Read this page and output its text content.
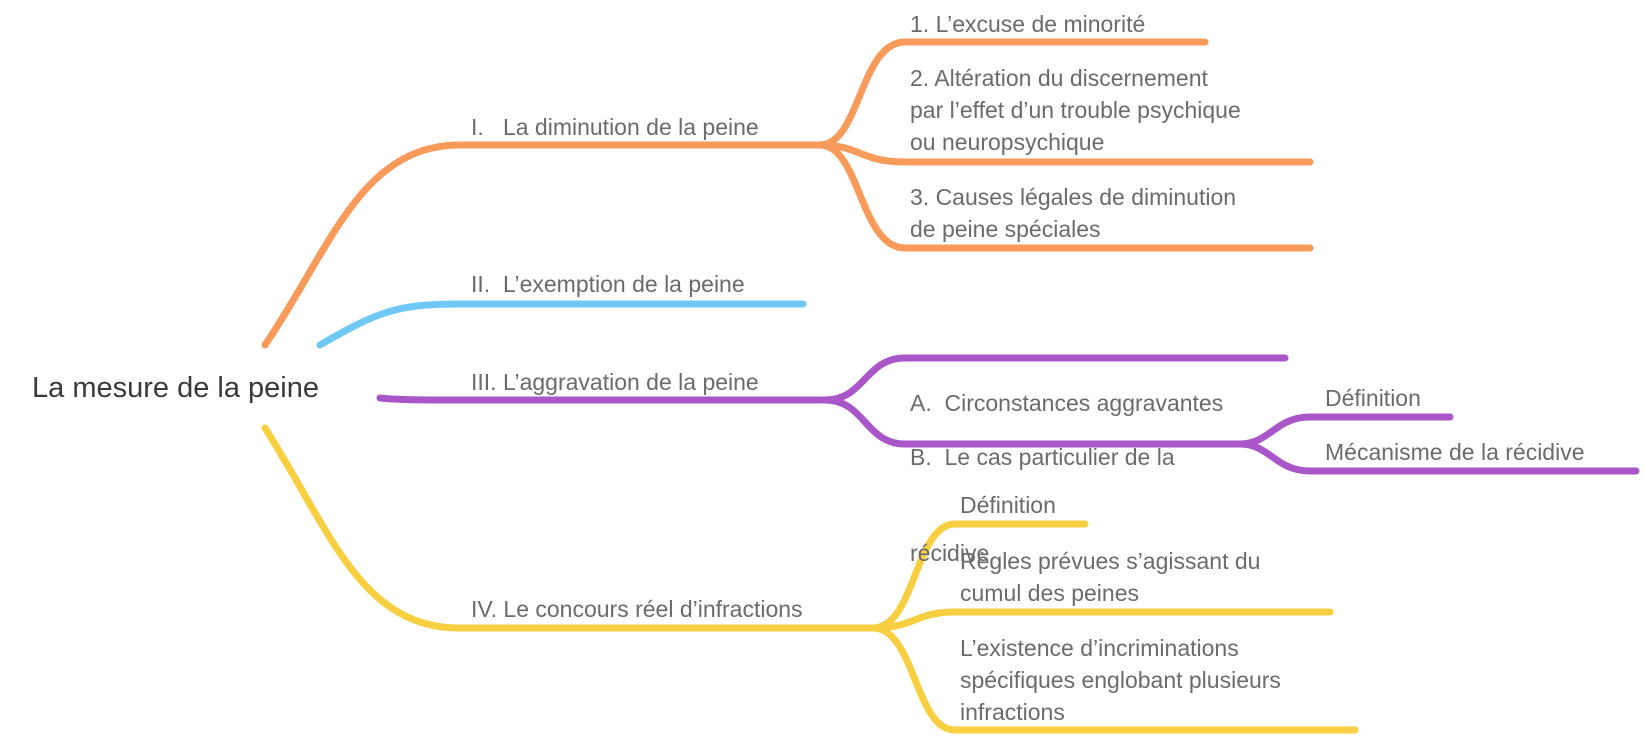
La mesure de la peine
I.   La diminution de la peine
II.  L’exemption de la peine
III. L’aggravation de la peine
IV. Le concours réel d’infractions
1. L’excuse de minorité
2. Altération du discernement
par l’effet d’un trouble psychique
ou neuropsychique
3. Causes légales de diminution
de peine spéciales

A.  Circonstances aggravantes

B.  Le cas particulier de la

récidive

Définition
Mécanisme de la récidive
Définition
Règles prévues s’agissant du
cumul des peines
L’existence d’incriminations
spécifiques englobant plusieurs
infractions
